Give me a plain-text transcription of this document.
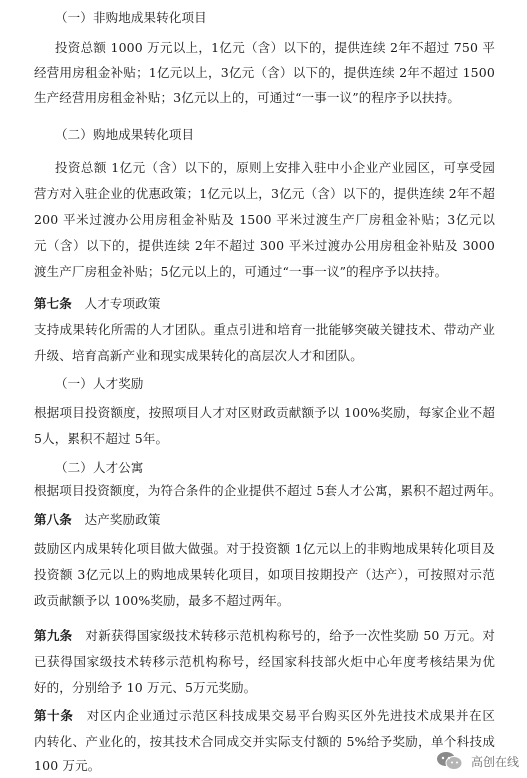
（一）非购地成果转化项目
投资总额 1000 万元以上，1亿元（含）以下的，提供连续 2年不超过 750 平
经营用房租金补贴；1亿元以上，3亿元（含）以下的，提供连续 2年不超过 1500
生产经营用房租金补贴；3亿元以上的，可通过“一事一议”的程序予以扶持。
（二）购地成果转化项目
投资总额 1亿元（含）以下的，原则上安排入驻中小企业产业园区，可享受园
营方对入驻企业的优惠政策；1亿元以上，3亿元（含）以下的，提供连续 2年不超
200 平米过渡办公用房租金补贴及 1500 平米过渡生产厂房租金补贴；3亿元以
元（含）以下的，提供连续 2年不超过 300 平米过渡办公用房租金补贴及 3000
渡生产厂房租金补贴；5亿元以上的，可通过“一事一议”的程序予以扶持。
第七条  人才专项政策
支持成果转化所需的人才团队。重点引进和培育一批能够突破关键技术、带动产业
升级、培育高新产业和现实成果转化的高层次人才和团队。
（一）人才奖励
根据项目投资额度，按照项目人才对区财政贡献额予以 100%奖励，每家企业不超
5人，累积不超过 5年。
（二）人才公寓
根据项目投资额度，为符合条件的企业提供不超过 5套人才公寓，累积不超过两年。
第八条  达产奖励政策
鼓励区内成果转化项目做大做强。对于投资额 1亿元以上的非购地成果转化项目及
投资额 3亿元以上的购地成果转化项目，如项目按期投产（达产），可按照对示范
政贡献额予以 100%奖励，最多不超过两年。
第九条  对新获得国家级技术转移示范机构称号的，给予一次性奖励 50 万元。对
已获得国家级技术转移示范机构称号，经国家科技部火炬中心年度考核结果为优
好的，分别给予 10 万元、5万元奖励。
第十条  对区内企业通过示范区科技成果交易平台购买区外先进技术成果并在区
内转化、产业化的，按其技术合同成交并实际支付额的 5%给予奖励，单个科技成
100 万元。	高创在线
